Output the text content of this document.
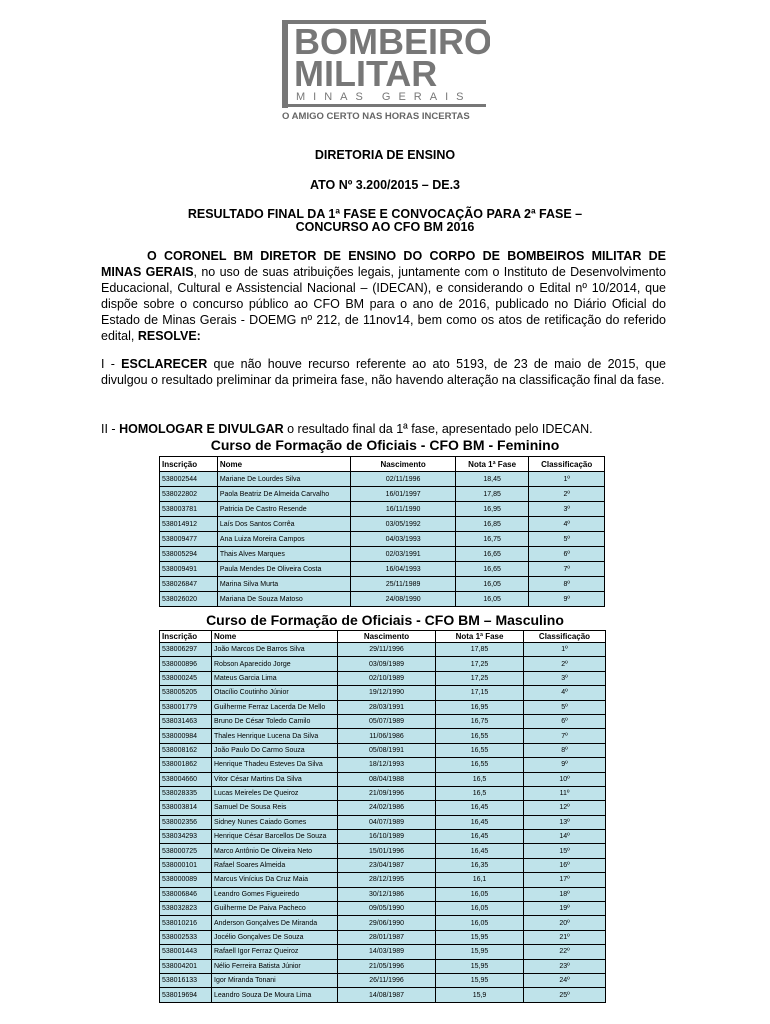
BOMBEIRO
MILITAR
MINAS GERAIS
O AMIGO CERTO NAS HORAS INCERTAS
DIRETORIA DE ENSINO
ATO Nº 3.200/2015 – DE.3
RESULTADO FINAL DA 1ª FASE E CONVOCAÇÃO PARA 2ª FASE –
CONCURSO AO CFO BM 2016
O CORONEL BM DIRETOR DE ENSINO DO CORPO DE BOMBEIROS MILITAR DE MINAS GERAIS, no uso de suas atribuições legais, juntamente com o Instituto de Desenvolvimento Educacional, Cultural e Assistencial Nacional – (IDECAN), e considerando o Edital nº 10/2014, que dispõe sobre o concurso público ao CFO BM para o ano de 2016, publicado no Diário Oficial do Estado de Minas Gerais - DOEMG nº 212, de 11nov14, bem como os atos de retificação do referido edital, RESOLVE:
I - ESCLARECER que não houve recurso referente ao ato 5193, de 23 de maio de 2015, que divulgou o resultado preliminar da primeira fase, não havendo alteração na classificação final da fase.
II - HOMOLOGAR E DIVULGAR o resultado final da 1ª fase, apresentado pelo IDECAN.
Curso de Formação de Oficiais - CFO BM - Feminino
Inscrição	Nome	Nascimento	Nota 1ª Fase	Classificação
538002544	Mariane De Lourdes Silva	02/11/1996	18,45	1º
538022802	Paola Beatriz De Almeida Carvalho	16/01/1997	17,85	2º
538003781	Patricia De Castro Resende	16/11/1990	16,95	3º
538014912	Laís Dos Santos Corrêa	03/05/1992	16,85	4º
538009477	Ana Luiza Moreira Campos	04/03/1993	16,75	5º
538005294	Thais Alves Marques	02/03/1991	16,65	6º
538009491	Paula Mendes De Oliveira Costa	16/04/1993	16,65	7º
538026847	Marina Silva Murta	25/11/1989	16,05	8º
538026020	Mariana De Souza Matoso	24/08/1990	16,05	9º
Curso de Formação de Oficiais - CFO BM – Masculino
Inscrição	Nome	Nascimento	Nota 1ª Fase	Classificação
538006297	João Marcos De Barros Silva	29/11/1996	17,85	1º
538000896	Robson Aparecido Jorge	03/09/1989	17,25	2º
538000245	Mateus Garcia Lima	02/10/1989	17,25	3º
538005205	Otacílio Coutinho Júnior	19/12/1990	17,15	4º
538001779	Guilherme Ferraz Lacerda De Mello	28/03/1991	16,95	5º
538031463	Bruno De César Toledo Camilo	05/07/1989	16,75	6º
538000984	Thales Henrique Lucena Da Silva	11/06/1986	16,55	7º
538008162	João Paulo Do Carmo Souza	05/08/1991	16,55	8º
538001862	Henrique Thadeu Esteves Da Silva	18/12/1993	16,55	9º
538004660	Vitor César Martins Da Silva	08/04/1988	16,5	10º
538028335	Lucas Meireles De Queiroz	21/09/1996	16,5	11º
538003814	Samuel De Sousa Reis	24/02/1986	16,45	12º
538002356	Sidney Nunes Caiado Gomes	04/07/1989	16,45	13º
538034293	Henrique César Barcellos De Souza	16/10/1989	16,45	14º
538000725	Marco Antônio De Oliveira Neto	15/01/1996	16,45	15º
538000101	Rafael Soares Almeida	23/04/1987	16,35	16º
538000089	Marcus Vinícius Da Cruz Maia	28/12/1995	16,1	17º
538006846	Leandro Gomes Figueiredo	30/12/1986	16,05	18º
538032823	Guilherme De Paiva Pacheco	09/05/1990	16,05	19º
538010216	Anderson Gonçalves De Miranda	29/06/1990	16,05	20º
538002533	Jocélio Gonçalves De Souza	28/01/1987	15,95	21º
538001443	Rafaell Igor Ferraz Queiroz	14/03/1989	15,95	22º
538004201	Nélio Ferreira Batista Júnior	21/05/1996	15,95	23º
538016133	Igor Miranda Tonani	26/11/1996	15,95	24º
538019694	Leandro Souza De Moura Lima	14/08/1987	15,9	25º
